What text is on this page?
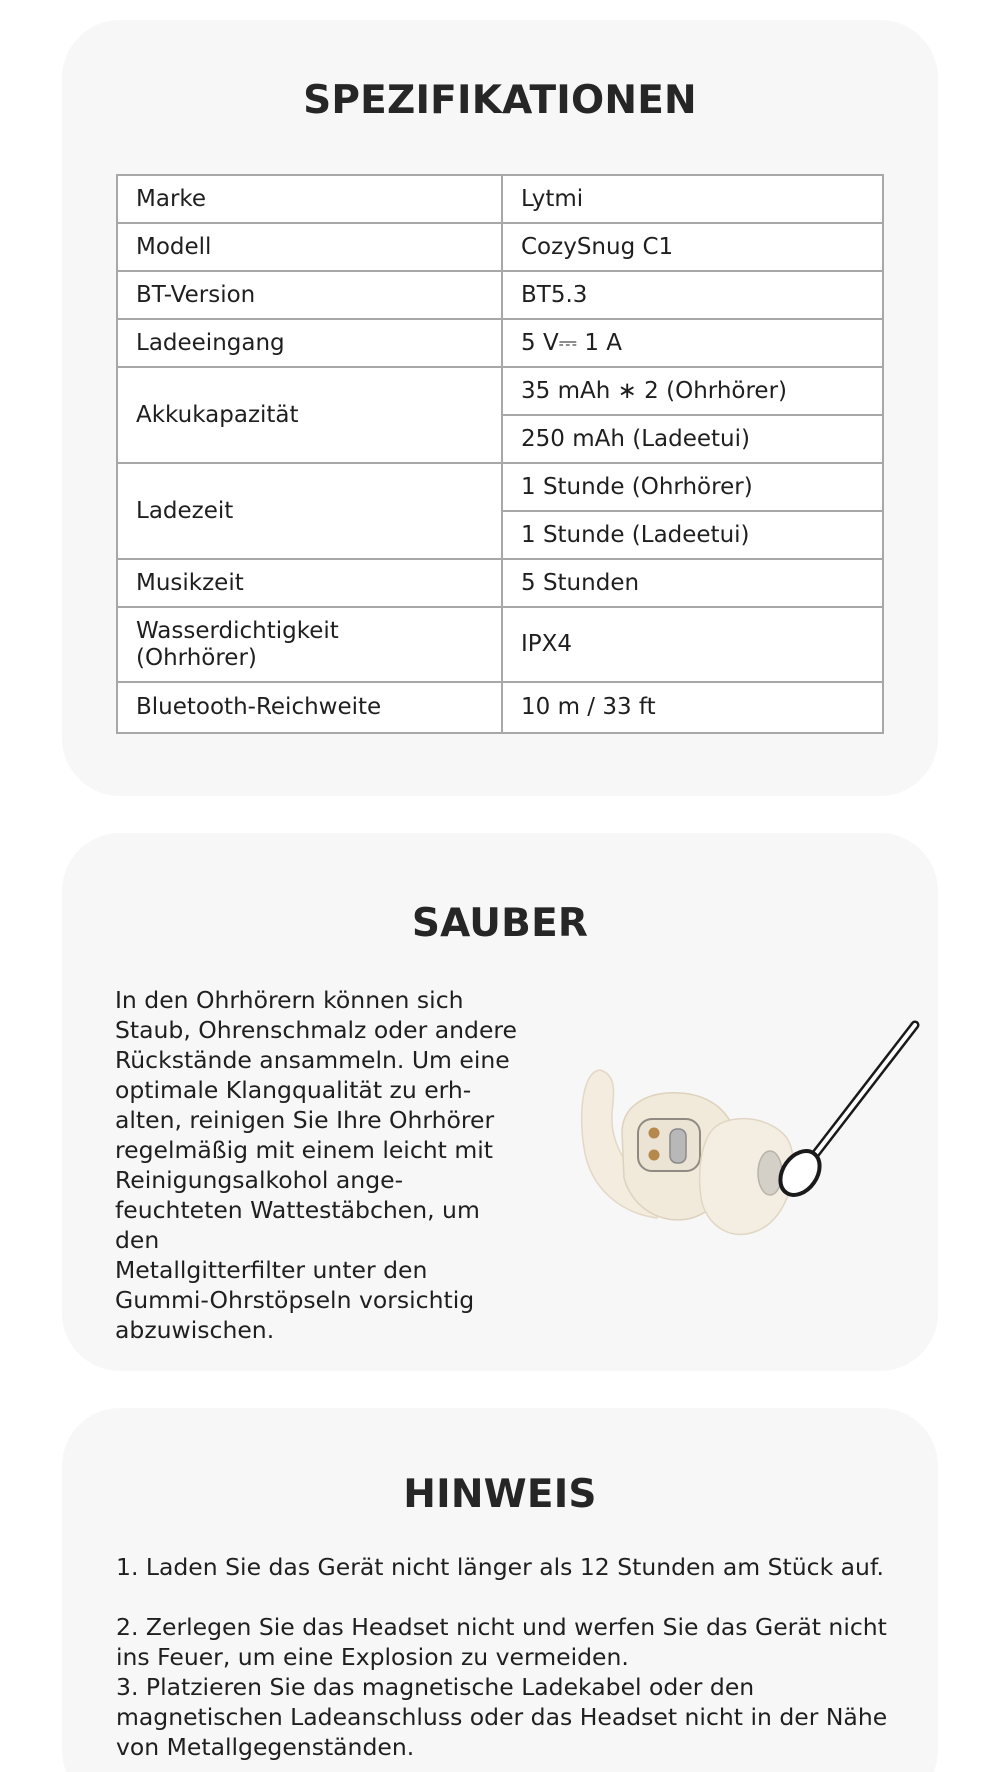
SPEZIFIKATIONEN
Marke	Lytmi
Modell	CozySnug C1
BT-Version	BT5.3
Ladeeingang	5 V⎓ 1 A
Akkukapazität	35 mAh ∗ 2 (Ohrhörer)
	250 mAh (Ladeetui)
Ladezeit	1 Stunde (Ohrhörer)
	1 Stunde (Ladeetui)
Musikzeit	5 Stunden
Wasserdichtigkeit
(Ohrhörer)	IPX4
Bluetooth-Reichweite	10 m / 33 ft
SAUBER

In den Ohrhörern können sich
Staub, Ohrenschmalz oder andere
Rückstände ansammeln. Um eine
optimale Klangqualität zu erh-
alten, reinigen Sie Ihre Ohrhörer
regelmäßig mit einem leicht mit
Reinigungsalkohol ange-
feuchteten Wattestäbchen, um
den
Metallgitterfilter unter den
Gummi-Ohrstöpseln vorsichtig
abzuwischen.

HINWEIS
1. Laden Sie das Gerät nicht länger als 12 Stunden am Stück auf.
2. Zerlegen Sie das Headset nicht und werfen Sie das Gerät nicht ins Feuer, um eine Explosion zu vermeiden.
3. Platzieren Sie das magnetische Ladekabel oder den magnetischen Ladeanschluss oder das Headset nicht in der Nähe von Metallgegenständen.
